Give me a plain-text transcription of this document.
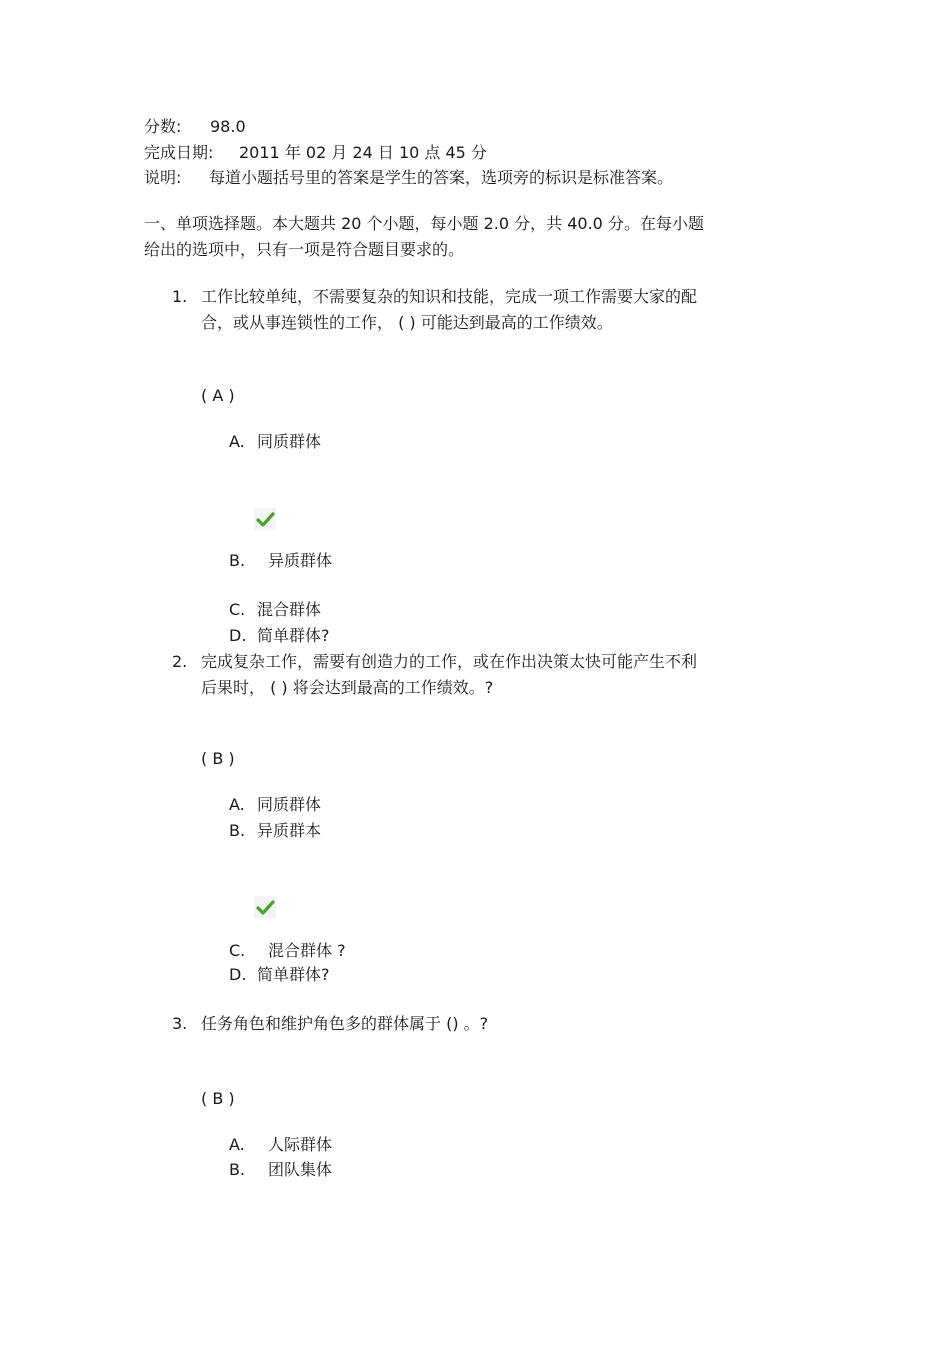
分数: 98.0
完成日期: 2011 年 02 月 24 日 10 点 45 分
说明: 每道小题括号里的答案是学生的答案，选项旁的标识是标准答案。
一、单项选择题。本大题共 20 个小题，每小题 2.0 分，共 40.0 分。在每小题
给出的选项中，只有一项是符合题目要求的。
1. 工作比较单纯，不需要复杂的知识和技能，完成一项工作需要大家的配
合，或从事连锁性的工作， ( ) 可能达到最高的工作绩效。
( A )
A. 同质群体
B. 异质群体
C. 混合群体
D. 简单群体?
2. 完成复杂工作，需要有创造力的工作，或在作出决策太快可能产生不利
后果时， ( ) 将会达到最高的工作绩效。?
( B )
A. 同质群体
B. 异质群本
C. 混合群体 ?
D. 简单群体?
3. 任务角色和维护角色多的群体属于 () 。?
( B )
A. 人际群体
B. 团队集体
